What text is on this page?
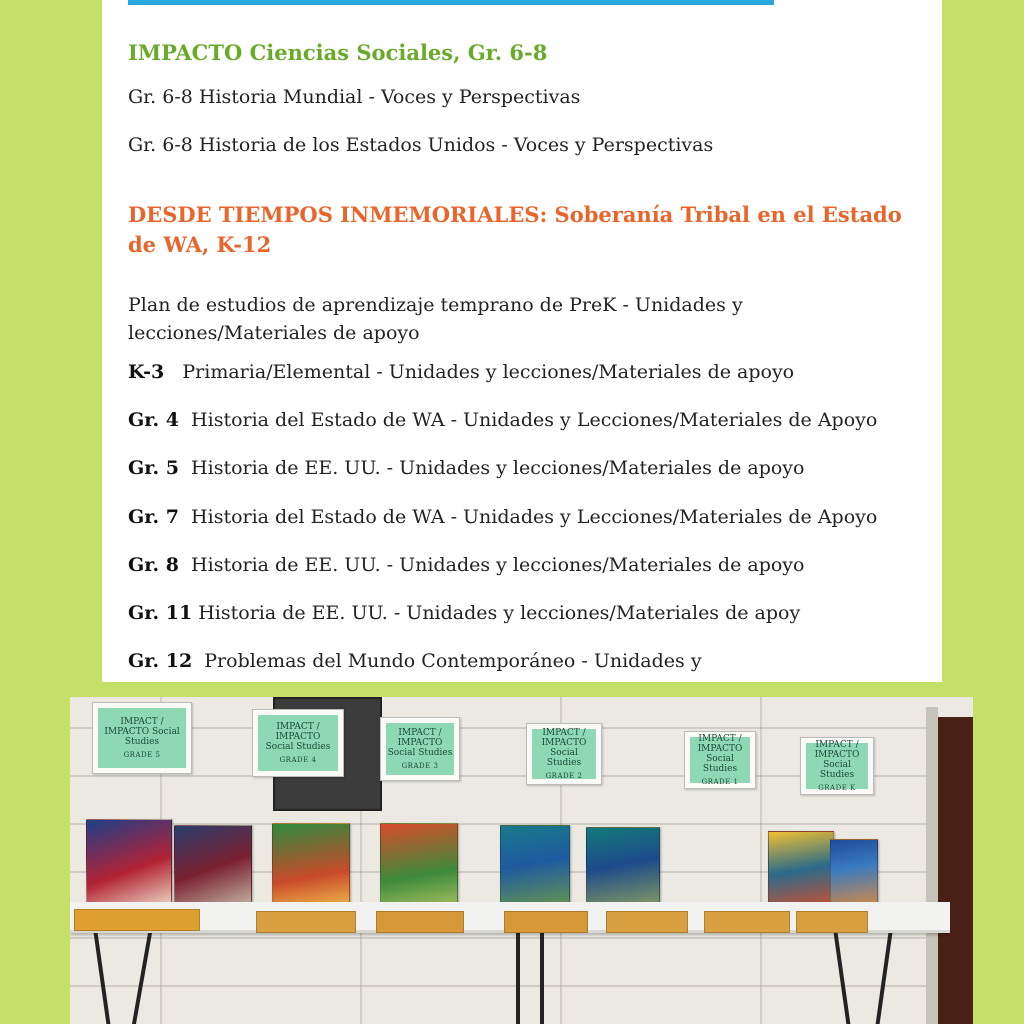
IMPACTO Ciencias Sociales, Gr. 6-8
Gr. 6-8 Historia Mundial - Voces y Perspectivas
Gr. 6-8 Historia de los Estados Unidos - Voces y Perspectivas
DESDE TIEMPOS INMEMORIALES: Soberanía Tribal en el Estado de WA, K-12
Plan de estudios de aprendizaje temprano de PreK - Unidades y lecciones/Materiales de apoyo
K-3 Primaria/Elemental - Unidades y lecciones/Materiales de apoyo
Gr. 4 Historia del Estado de WA - Unidades y Lecciones/Materiales de Apoyo
Gr. 5 Historia de EE. UU. - Unidades y lecciones/Materiales de apoyo
Gr. 7 Historia del Estado de WA - Unidades y Lecciones/Materiales de Apoyo
Gr. 8 Historia de EE. UU. - Unidades y lecciones/Materiales de apoyo
Gr. 11 Historia de EE. UU. - Unidades y lecciones/Materiales de apoy
Gr. 12 Problemas del Mundo Contemporáneo - Unidades y
IMPACT / IMPACTO Social Studies
GRADE 5
IMPACT / IMPACTO Social Studies
GRADE 4
IMPACT / IMPACTO Social Studies
GRADE 3
IMPACT / IMPACTO Social Studies
GRADE 2
IMPACT / IMPACTO Social Studies
GRADE 1
IMPACT / IMPACTO Social Studies
GRADE K
